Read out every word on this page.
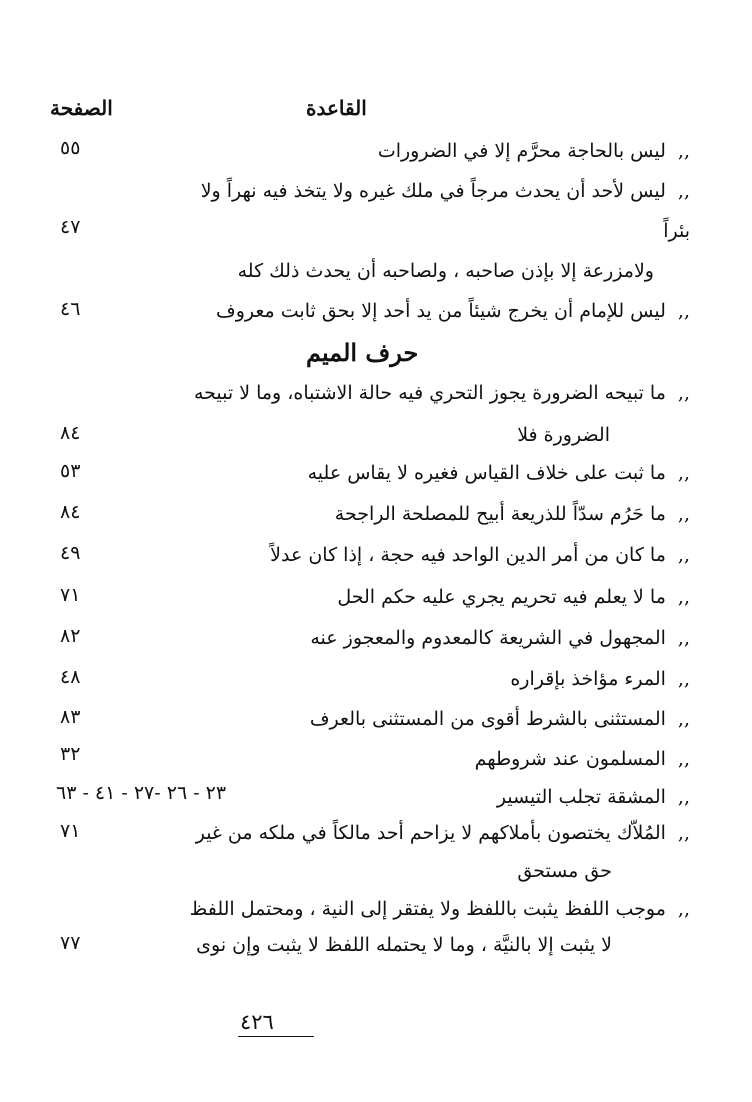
القاعدة
الصفحة
,,ليس بالحاجة محرَّم إلا في الضرورات
٥٥
,,ليس لأحد أن يحدث مرجاً في ملك غيره ولا يتخذ فيه نهراً ولا
٤٧	بئراً
ولامزرعة إلا بإذن صاحبه ، ولصاحبه أن يحدث ذلك كله
,,ليس للإمام أن يخرج شيئاً من يد أحد إلا بحق ثابت معروف
٤٦
حرف الميم
,,ما تبيحه الضرورة يجوز التحري فيه حالة الاشتباه، وما لا تبيحه
الضرورة فلا
٨٤
,,ما ثبت على خلاف القياس فغيره لا يقاس عليه
٥٣
,,ما حَرُم سدّاً للذريعة أبيح للمصلحة الراجحة
٨٤
,,ما كان من أمر الدين الواحد فيه حجة ، إذا كان عدلاً
٤٩
,,ما لا يعلم فيه تحريم يجري عليه حكم الحل
٧١
,,المجهول في الشريعة كالمعدوم والمعجوز عنه
٨٢
,,المرء مؤاخذ بإقراره
٤٨
,,المستثنى بالشرط أقوى من المستثنى بالعرف
٨٣
,,المسلمون عند شروطهم
٣٢
,,المشقة تجلب التيسير
٢٣ - ٢٦ -٢٧ - ٤١ - ٦٣
,,المُلاّك يختصون بأملاكهم لا يزاحم أحد مالكاً في ملكه من غير
٧١
حق مستحق
,,موجب اللفظ يثبت باللفظ ولا يفتقر إلى النية ، ومحتمل اللفظ
لا يثبت إلا بالنيَّة ، وما لا يحتمله اللفظ لا يثبت وإن نوى
٧٧
٤٢٦
